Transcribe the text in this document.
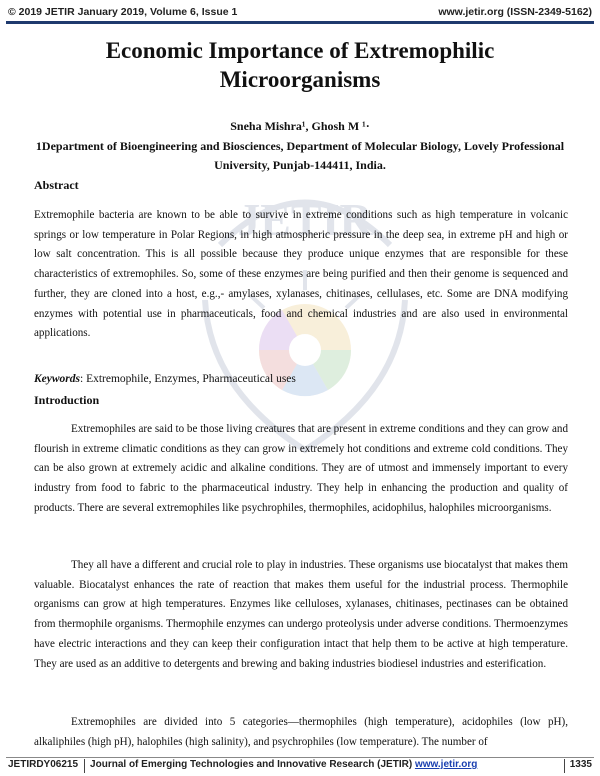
© 2019 JETIR January 2019, Volume 6, Issue 1	www.jetir.org (ISSN-2349-5162)
JETIR
Economic Importance of Extremophilic
Microorganisms
Sneha Mishra¹, Ghosh M ¹·
1Department of Bioengineering and Biosciences, Department of Molecular Biology, Lovely Professional
University, Punjab-144411, India.
Abstract
Extremophile bacteria are known to be able to survive in extreme conditions such as high temperature in volcanic springs or low temperature in Polar Regions, in high atmospheric pressure in the deep sea, in extreme pH and high or low salt concentration. This is all possible because they produce unique enzymes that are responsible for these characteristics of extremophiles. So, some of these enzymes are being purified and then their genome is sequenced and further, they are cloned into a host, e.g.,- amylases, xylanases, chitinases, cellulases, etc. Some are DNA modifying enzymes with potential use in pharmaceuticals, food and chemical industries and are also used in environmental applications.
Keywords: Extremophile, Enzymes, Pharmaceutical uses
Introduction
Extremophiles are said to be those living creatures that are present in extreme conditions and they can grow and flourish in extreme climatic conditions as they can grow in extremely hot conditions and extreme cold conditions. They can be also grown at extremely acidic and alkaline conditions. They are of utmost and immensely important to every industry from food to fabric to the pharmaceutical industry. They help in enhancing the production and quality of products. There are several extremophiles like psychrophiles, thermophiles, acidophilus, halophiles microorganisms.
They all have a different and crucial role to play in industries. These organisms use biocatalyst that makes them valuable. Biocatalyst enhances the rate of reaction that makes them useful for the industrial process. Thermophile organisms can grow at high temperatures. Enzymes like celluloses, xylanases, chitinases, pectinases can be obtained from thermophile organisms. Thermophile enzymes can undergo proteolysis under adverse conditions. Thermoenzymes have electric interactions and they can keep their configuration intact that help them to be active at high temperature. They are used as an additive to detergents and brewing and baking industries biodiesel industries and esterification.
Extremophiles are divided into 5 categories—thermophiles (high temperature), acidophiles (low pH), alkaliphiles (high pH), halophiles (high salinity), and psychrophiles (low temperature). The number of
JETIRDY06215	Journal of Emerging Technologies and Innovative Research (JETIR) www.jetir.org	1335
